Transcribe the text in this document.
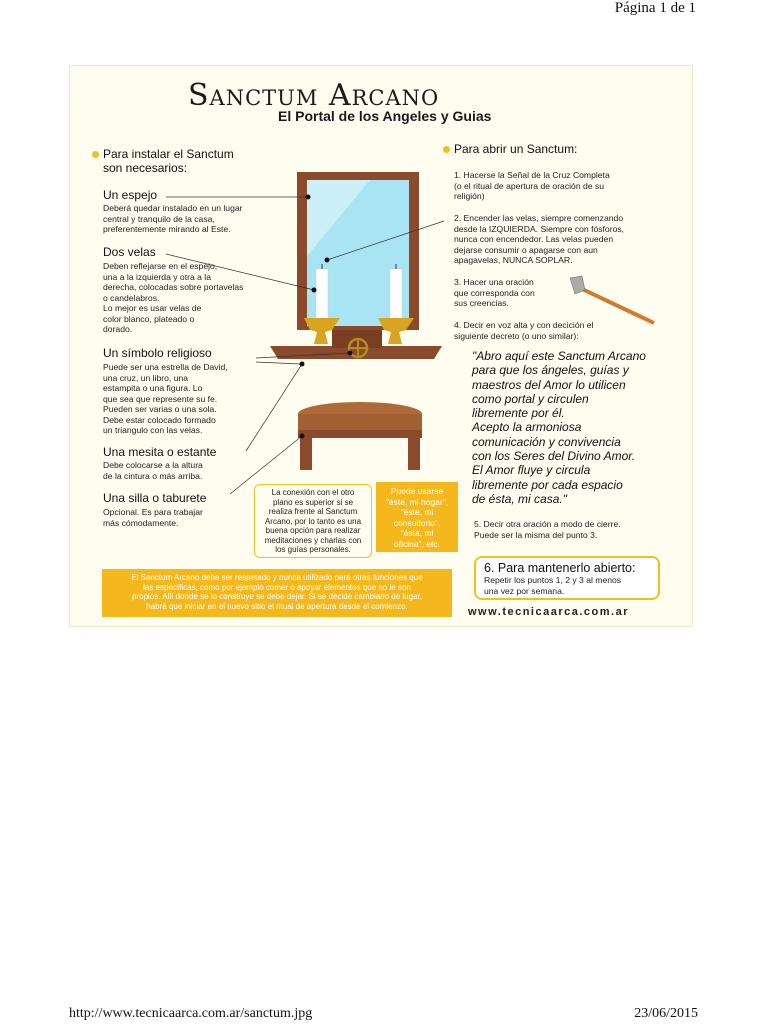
Página 1 de 1
Sanctum Arcano
El Portal de los Angeles y Guias
Para instalar el Sanctum
son necesarios:
Un espejo
Deberá quedar instalado en un lugar
central y tranquilo de la casa,
preferentemente mirando al Este.
Dos velas
Deben reflejarse en el espejo,
una a la izquierda y otra a la
derecha, colocadas sobre portavelas
o candelabros.
Lo mejor es usar velas de
color blanco, plateado o
dorado.
Un símbolo religioso
Puede ser una estrella de David,
una cruz, un libro, una
estampita o una figura. Lo
que sea que represente su fe.
Pueden ser varias o una sola.
Debe estar colocado formado
un triangulo con las velas.
Una mesita o estante
Debe colocarse a la altura
de la cintura o más arriba.
Una silla o taburete
Opcional. Es para trabajar
más cómodamente.
Para abrir un Sanctum:
1. Hacerse la Señal de la Cruz Completa
(o el ritual de apertura de oración de su
religión)
2. Encender las velas, siempre comenzando
desde la IZQUIERDA. Siempre con fósforos,
nunca con encendedor. Las velas pueden
dejarse consumir o apagarse con aun
apagavelas, NUNCA SOPLAR.
3. Hacer una oración
que corresponda con
sus creencias.
4. Decir en voz alta y con decición el
siguiente decreto (o uno similar):
"Abro aquí este Sanctum Arcano
para que los ángeles, guías y
maestros del Amor lo utilicen
como portal y circulen
libremente por él.
Acepto la armoniosa
comunicación y convivencia
con los Seres del Divino Amor.
El Amor fluye y circula
libremente por cada espacio
de ésta, mi casa."
5. Decir otra oración a modo de cierre.
Puede ser la misma del punto 3.
La conexión con el otro
plano es superior si se
realiza frente al Sanctum
Arcano, por lo tanto es una
buena opción para realizar
meditaciones y charlas con
los guías personales.
Puede usarse
"éste, mi hogar",
"éste, mi
consultorio",
"ésta, mi
oficina", etc.
El Sanctum Arcano debe ser respetado y nunca utilizado para otras funciones que
las específicas, como por ejemplo comer o apoyar elementos que no le son
propios. Allí donde se lo construye se debe dejar. Si se decide cambiarlo de lugar,
habrá que iniciar en el nuevo sitio el ritual de apertura desde el comienzo.
6. Para mantenerlo abierto:
Repetir los puntos 1, 2 y 3 al menos
una vez por semana.
www.tecnicaarca.com.ar
http://www.tecnicaarca.com.ar/sanctum.jpg	23/06/2015
